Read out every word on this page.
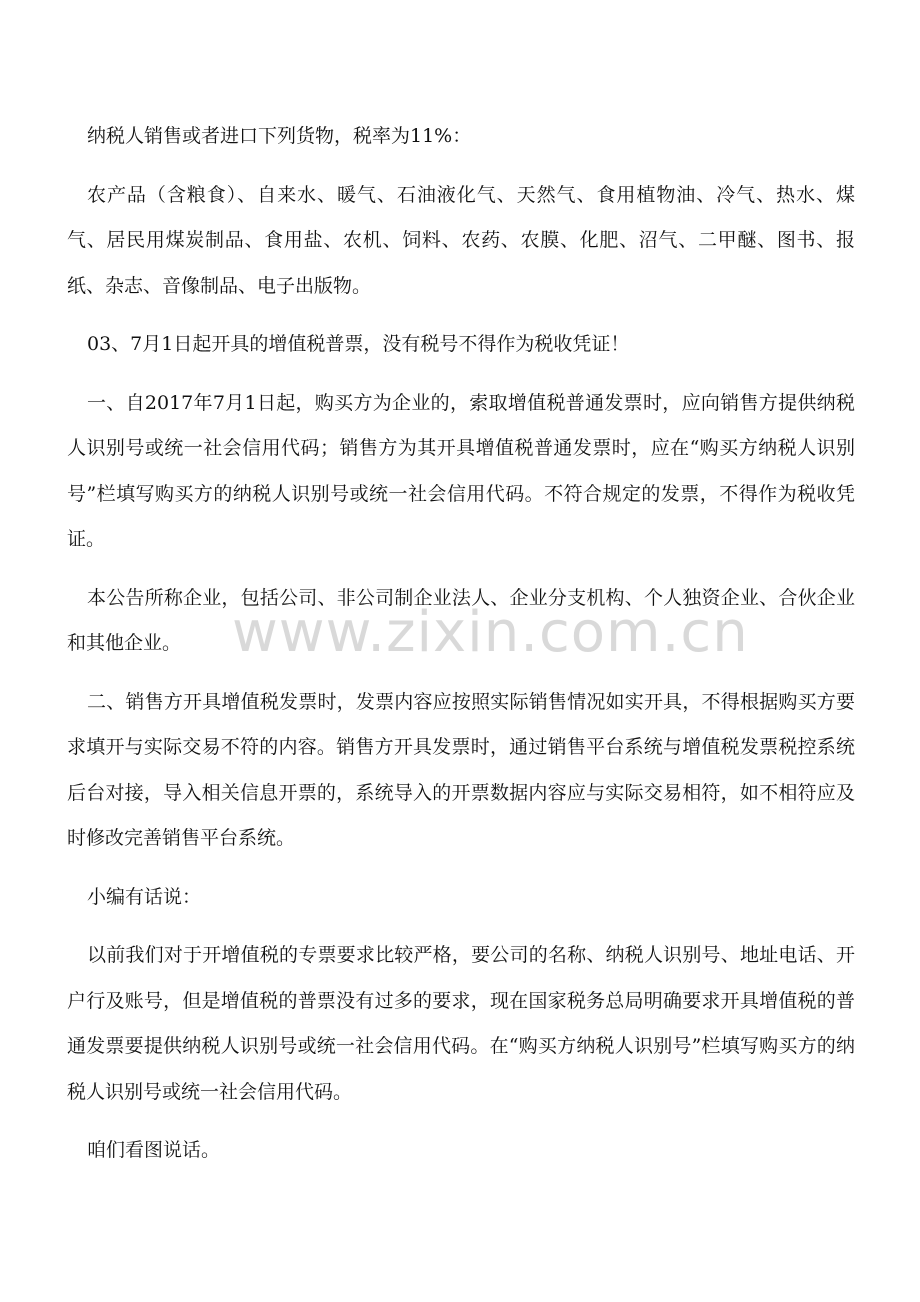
www.zixin.com.cn

纳税人销售或者进口下列货物，税率为11%：

农产品（含粮食）、自来水、暖气、石油液化气、天然气、食用植物油、冷气、热水、煤气、居民用煤炭制品、食用盐、农机、饲料、农药、农膜、化肥、沼气、二甲醚、图书、报纸、杂志、音像制品、电子出版物。

03、7月1日起开具的增值税普票，没有税号不得作为税收凭证！

一、自2017年7月1日起，购买方为企业的，索取增值税普通发票时，应向销售方提供纳税人识别号或统一社会信用代码；销售方为其开具增值税普通发票时，应在“购买方纳税人识别号”栏填写购买方的纳税人识别号或统一社会信用代码。不符合规定的发票，不得作为税收凭证。

本公告所称企业，包括公司、非公司制企业法人、企业分支机构、个人独资企业、合伙企业和其他企业。

二、销售方开具增值税发票时，发票内容应按照实际销售情况如实开具，不得根据购买方要求填开与实际交易不符的内容。销售方开具发票时，通过销售平台系统与增值税发票税控系统后台对接，导入相关信息开票的，系统导入的开票数据内容应与实际交易相符，如不相符应及时修改完善销售平台系统。

小编有话说：

以前我们对于开增值税的专票要求比较严格，要公司的名称、纳税人识别号、地址电话、开户行及账号，但是增值税的普票没有过多的要求，现在国家税务总局明确要求开具增值税的普通发票要提供纳税人识别号或统一社会信用代码。在“购买方纳税人识别号”栏填写购买方的纳税人识别号或统一社会信用代码。

咱们看图说话。
